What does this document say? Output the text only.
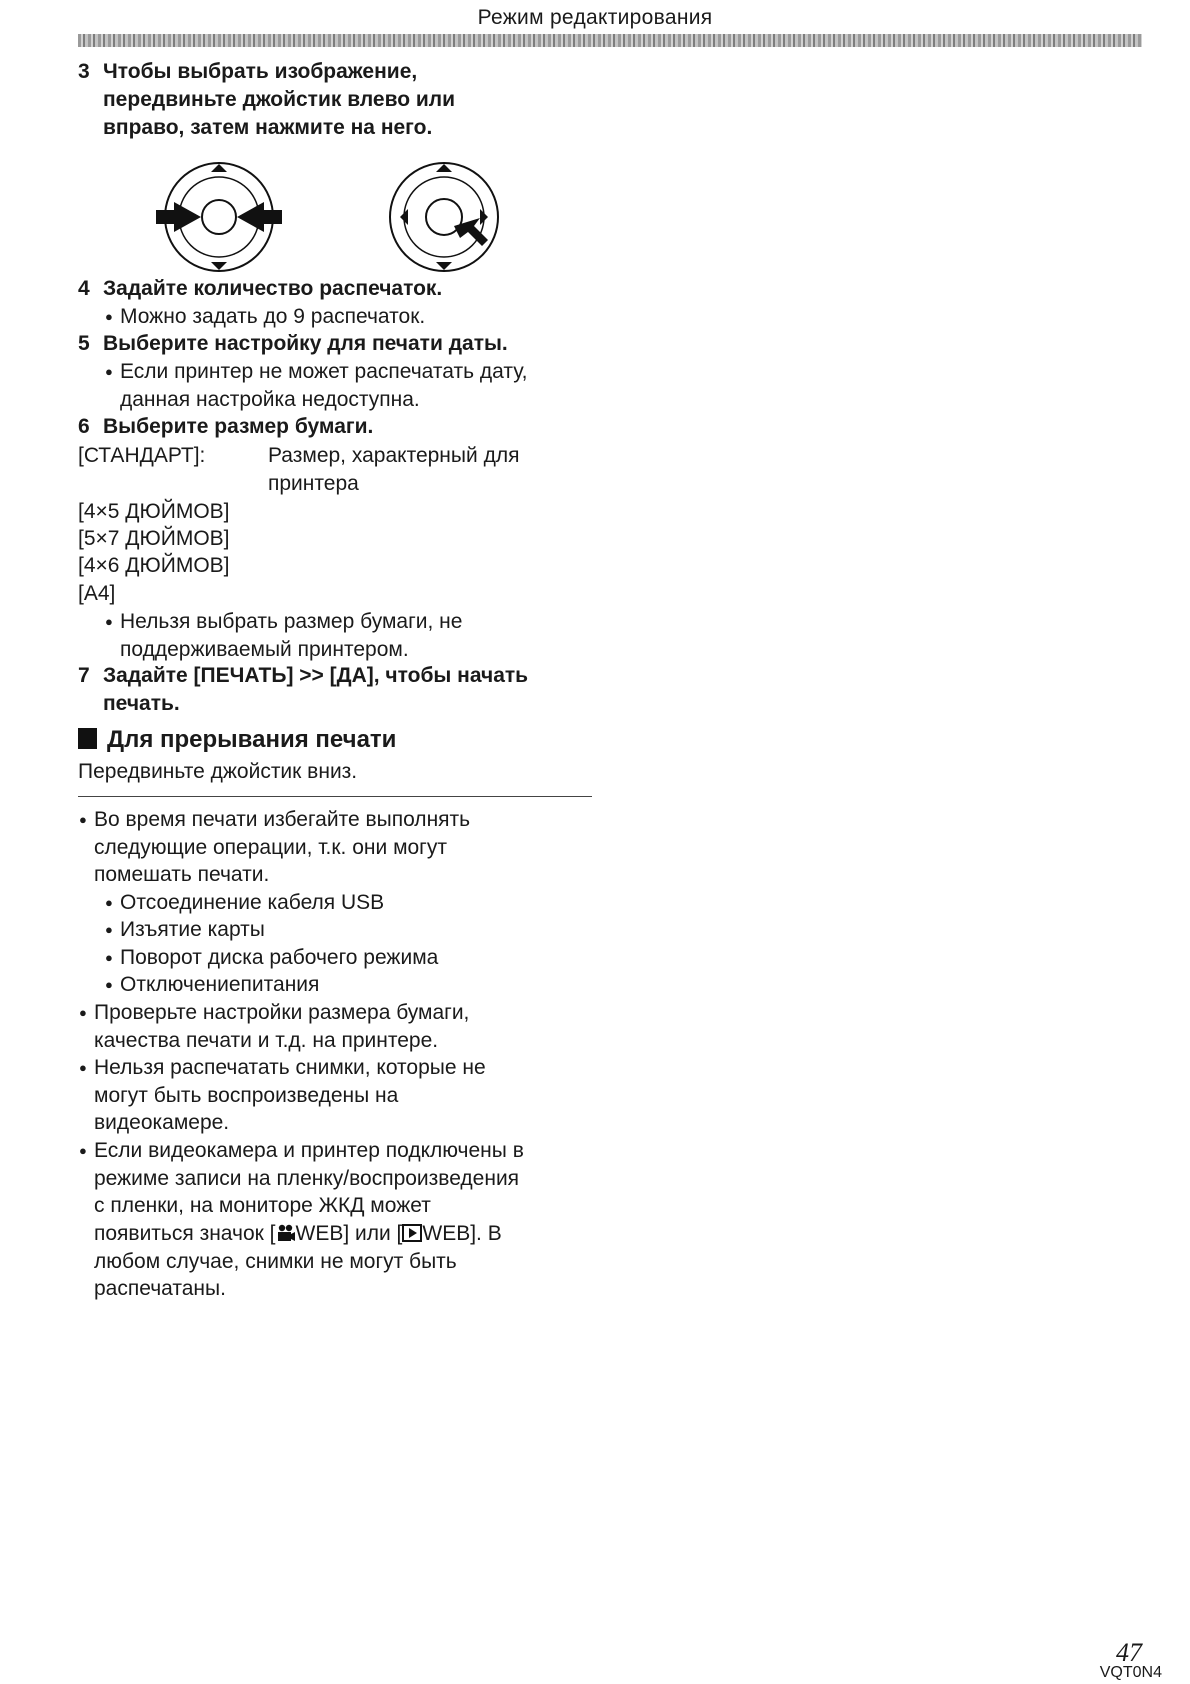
Режим редактирования
3 Чтобы выбрать изображение,
передвиньте джойстик влево или
вправо, затем нажмите на него.
4 Задайте количество распечаток.
● Можно задать до 9 распечаток.
5 Выберите настройку для печати даты.
● Если принтер не может распечатать дату,
данная настройка недоступна.
6 Выберите размер бумаги.
[СТАНДАРТ]:	Размер, характерный для
принтера
[4×5 ДЮЙМОВ]
[5×7 ДЮЙМОВ]
[4×6 ДЮЙМОВ]
[A4]
● Нельзя выбрать размер бумаги, не
поддерживаемый принтером.
7 Задайте [ПЕЧАТЬ] >> [ДА], чтобы начать
печать.
Для прерывания печати
Передвиньте джойстик вниз.
● Во время печати избегайте выполнять
следующие операции, т.к. они могут
помешать печати.
● Отсоединение кабеля USB
● Изъятие карты
● Поворот диска рабочего режима
● Отключениепитания
● Проверьте настройки размера бумаги,
качества печати и т.д. на принтере.
● Нельзя распечатать снимки, которые не
могут быть воспроизведены на
видеокамере.
● Если видеокамера и принтер подключены в
режиме записи на пленку/воспроизведения
с пленки, на мониторе ЖКД может
появиться значок [ WEB] или [ WEB]. В
любом случае, снимки не могут быть
распечатаны.
47
VQT0N4
